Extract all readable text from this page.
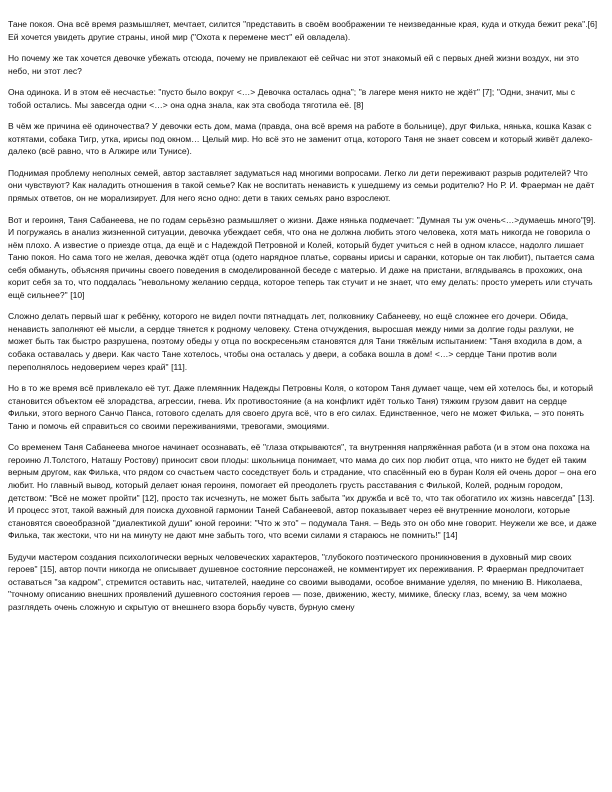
Тане покоя. Она всё время размышляет, мечтает, силится "представить в своём воображении те неизведанные края, куда и откуда бежит река".[6] Ей хочется увидеть другие страны, иной мир ("Охота к перемене мест" ей овладела).

Но почему же так хочется девочке убежать отсюда, почему не привлекают её сейчас ни этот знакомый ей с первых дней жизни воздух, ни это небо, ни этот лес?

Она одинока. И в этом её несчастье: "пусто было вокруг <…> Девочка осталась одна"; "в лагере меня никто не ждёт" [7]; "Одни, значит, мы с тобой остались. Мы завсегда одни <…> она одна знала, как эта свобода тяготила её. [8]

В чём же причина её одиночества? У девочки есть дом, мама (правда, она всё время на работе в больнице), друг Филька, нянька, кошка Казак с котятами, собака Тигр, утка, ирисы под окном… Целый мир. Но всё это не заменит отца, которого Таня не знает совсем и который живёт далеко-далеко (всё равно, что в Алжире или Тунисе).

Поднимая проблему неполных семей, автор заставляет задуматься над многими вопросами. Легко ли дети переживают разрыв родителей? Что они чувствуют? Как наладить отношения в такой семье? Как не воспитать ненависть к ушедшему из семьи родителю? Но Р. И. Фраерман не даёт прямых ответов, он не морализирует. Для него ясно одно: дети в таких семьях рано взрослеют.

Вот и героиня, Таня Сабанеева, не по годам серьёзно размышляет о жизни. Даже нянька подмечает: "Думная ты уж очень<…>думаешь много"[9]. И погружаясь в анализ жизненной ситуации, девочка убеждает себя, что она не должна любить этого человека, хотя мать никогда не говорила о нём плохо. А известие о приезде отца, да ещё и с Надеждой Петровной и Колей, который будет учиться с ней в одном классе, надолго лишает Таню покоя. Но сама того не желая, девочка ждёт отца (одето нарядное платье, сорваны ирисы и саранки, которые он так любит), пытается сама себя обмануть, объясняя причины своего поведения в смоделированной беседе с матерью. И даже на пристани, вглядываясь в прохожих, она корит себя за то, что поддалась "невольному желанию сердца, которое теперь так стучит и не знает, что ему делать: просто умереть или стучать ещё сильнее?" [10]

Сложно делать первый шаг к ребёнку, которого не видел почти пятнадцать лет, полковнику Сабанееву, но ещё сложнее его дочери. Обида, ненависть заполняют её мысли, а сердце тянется к родному человеку. Стена отчуждения, выросшая между ними за долгие годы разлуки, не может быть так быстро разрушена, поэтому обеды у отца по воскресеньям становятся для Тани тяжёлым испытанием: "Таня входила в дом, а собака оставалась у двери. Как часто Тане хотелось, чтобы она осталась у двери, а собака вошла в дом! <…> сердце Тани против воли переполнялось недоверием через край" [11].

Но в то же время всё привлекало её тут. Даже племянник Надежды Петровны Коля, о котором Таня думает чаще, чем ей хотелось бы, и который становится объектом её злорадства, агрессии, гнева. Их противостояние (а на конфликт идёт только Таня) тяжким грузом давит на сердце Фильки, этого верного Санчо Панса, готового сделать для своего друга всё, что в его силах. Единственное, чего не может Филька, – это понять Таню и помочь ей справиться со своими переживаниями, тревогами, эмоциями.

Со временем Таня Сабанеева многое начинает осознавать, её "глаза открываются", та внутренняя напряжённая работа (и в этом она похожа на героиню Л.Толстого, Наташу Ростову) приносит свои плоды: школьница понимает, что мама до сих пор любит отца, что никто не будет ей таким верным другом, как Филька, что рядом со счастьем часто соседствует боль и страдание, что спасённый ею в буран Коля ей очень дорог – она его любит. Но главный вывод, который делает юная героиня, помогает ей преодолеть грусть расставания с Филькой, Колей, родным городом, детством: "Всё не может пройти" [12], просто так исчезнуть, не может быть забыта "их дружба и всё то, что так обогатило их жизнь навсегда" [13]. И процесс этот, такой важный для поиска духовной гармонии Таней Сабанеевой, автор показывает через её внутренние монологи, которые становятся своеобразной "диалектикой души" юной героини: "Что ж это" – подумала Таня. – Ведь это он обо мне говорит. Неужели же все, и даже Филька, так жестоки, что ни на минуту не дают мне забыть того, что всеми силами я стараюсь не помнить!" [14]

Будучи мастером создания психологически верных человеческих характеров, "глубокого поэтического проникновения в духовный мир своих героев" [15], автор почти никогда не описывает душевное состояние персонажей, не комментирует их переживания. Р. Фраерман предпочитает оставаться "за кадром", стремится оставить нас, читателей, наедине со своими выводами, особое внимание уделяя, по мнению В. Николаева, "точному описанию внешних проявлений душевного состояния героев — позе, движению, жесту, мимике, блеску глаз, всему, за чем можно разглядеть очень сложную и скрытую от внешнего взора борьбу чувств, бурную смену
